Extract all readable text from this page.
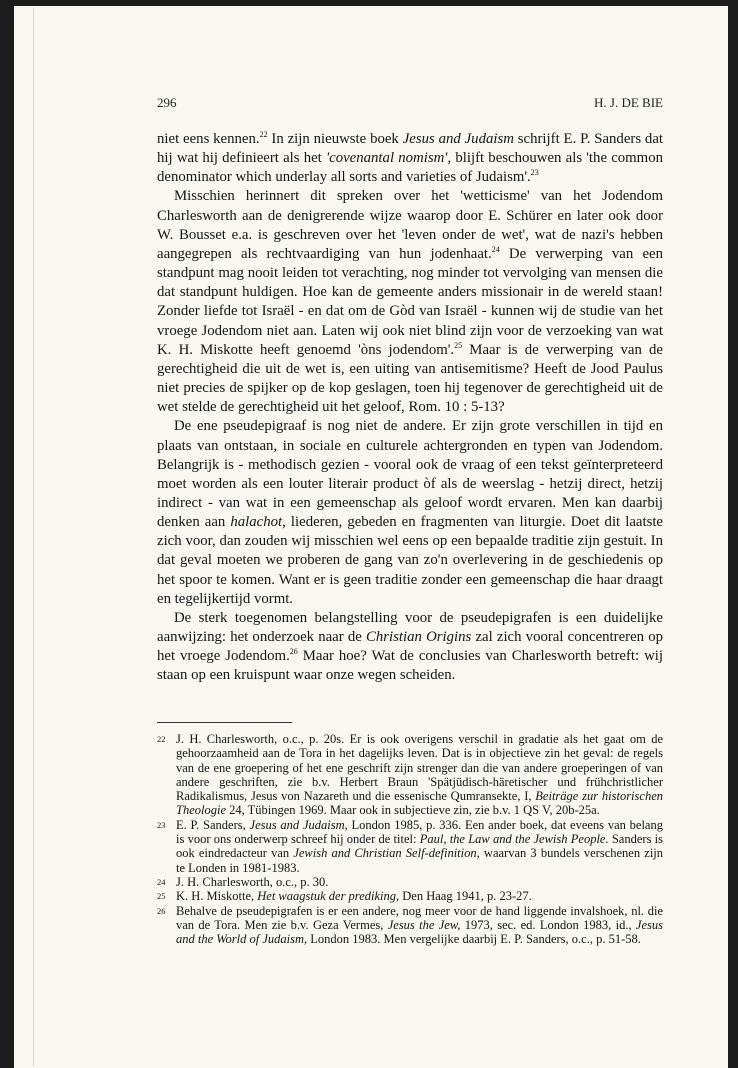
296	H. J. DE BIE

niet eens kennen.$^{22}$ In zijn nieuwste boek Jesus and Judaism schrijft E. P. Sanders dat hij wat hij definieert als het 'covenantal nomism', blijft beschouwen als 'the common denominator which underlay all sorts and varieties of Judaism'.$^{23}$

Misschien herinnert dit spreken over het 'wetticisme' van het Jodendom Charlesworth aan de denigrerende wijze waarop door E. Schürer en later ook door W. Bousset e.a. is geschreven over het 'leven onder de wet', wat de nazi's hebben aangegrepen als rechtvaardiging van hun jodenhaat.$^{24}$ De verwerping van een standpunt mag nooit leiden tot verachting, nog minder tot vervolging van mensen die dat standpunt huldigen. Hoe kan de gemeente anders missionair in de wereld staan! Zonder liefde tot Israël - en dat om de Gòd van Israël - kunnen wij de studie van het vroege Jodendom niet aan. Laten wij ook niet blind zijn voor de verzoeking van wat K. H. Miskotte heeft genoemd 'òns jodendom'.$^{25}$ Maar is de verwerping van de gerechtigheid die uit de wet is, een uiting van antisemitisme? Heeft de Jood Paulus niet precies de spijker op de kop geslagen, toen hij tegenover de gerechtigheid uit de wet stelde de gerechtigheid uit het geloof, Rom. 10 : 5-13?

De ene pseudepigraaf is nog niet de andere. Er zijn grote verschillen in tijd en plaats van ontstaan, in sociale en culturele achtergronden en typen van Jodendom. Belangrijk is - methodisch gezien - vooral ook de vraag of een tekst geïnterpreteerd moet worden als een louter literair product òf als de weerslag - hetzij direct, hetzij indirect - van wat in een gemeenschap als geloof wordt ervaren. Men kan daarbij denken aan halachot, liederen, gebeden en fragmenten van liturgie. Doet dit laatste zich voor, dan zouden wij misschien wel eens op een bepaalde traditie zijn gestuit. In dat geval moeten we proberen de gang van zo'n overlevering in de geschiedenis op het spoor te komen. Want er is geen traditie zonder een gemeenschap die haar draagt en tegelijkertijd vormt.

De sterk toegenomen belangstelling voor de pseudepigrafen is een duidelijke aanwijzing: het onderzoek naar de Christian Origins zal zich vooral concentreren op het vroege Jodendom.$^{26}$ Maar hoe? Wat de conclusies van Charlesworth betreft: wij staan op een kruispunt waar onze wegen scheiden.

22 J. H. Charlesworth, o.c., p. 20s. Er is ook overigens verschil in gradatie als het gaat om de gehoorzaamheid aan de Tora in het dagelijks leven. Dat is in objectieve zin het geval: de regels van de ene groepering of het ene geschrift zijn strenger dan die van andere groeperingen of van andere geschriften, zie b.v. Herbert Braun 'Spätjüdisch-häretischer und frühchristlicher Radikalismus, Jesus von Nazareth und die essenische Qumransekte, I, Beiträge zur historischen Theologie 24, Tübingen 1969. Maar ook in subjectieve zin, zie b.v. 1 QS V, 20b-25a.
23 E. P. Sanders, Jesus and Judaism, London 1985, p. 336. Een ander boek, dat eveens van belang is voor ons onderwerp schreef hij onder de titel: Paul, the Law and the Jewish People. Sanders is ook eindredacteur van Jewish and Christian Self-definition, waarvan 3 bundels verschenen zijn te Londen in 1981-1983.
24 J. H. Charlesworth, o.c., p. 30.
25 K. H. Miskotte, Het waagstuk der prediking, Den Haag 1941, p. 23-27.
26 Behalve de pseudepigrafen is er een andere, nog meer voor de hand liggende invalshoek, nl. die van de Tora. Men zie b.v. Geza Vermes, Jesus the Jew, 1973, sec. ed. London 1983, id., Jesus and the World of Judaism, London 1983. Men vergelijke daarbij E. P. Sanders, o.c., p. 51-58.
